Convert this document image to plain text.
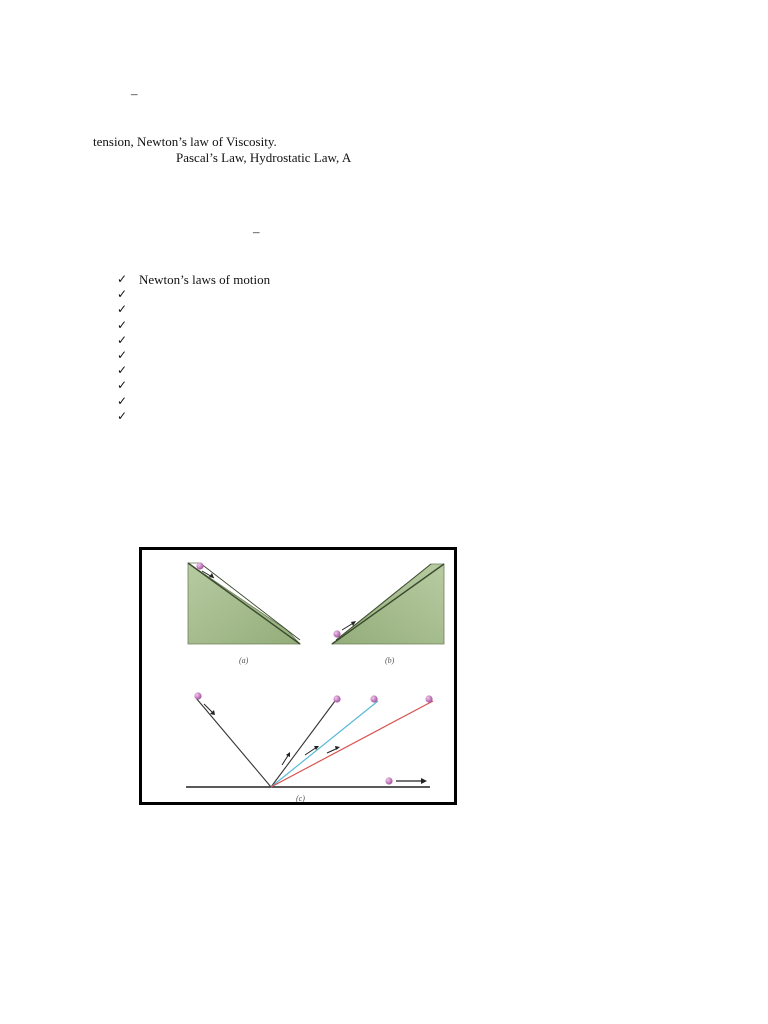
–
tension, Newton’s law of Viscosity.
Pascal’s Law, Hydrostatic Law, A
–
✓ Newton’s laws of motion
✓
✓
✓
✓
✓
✓
✓
✓
✓
(a)	(b)
(c)
